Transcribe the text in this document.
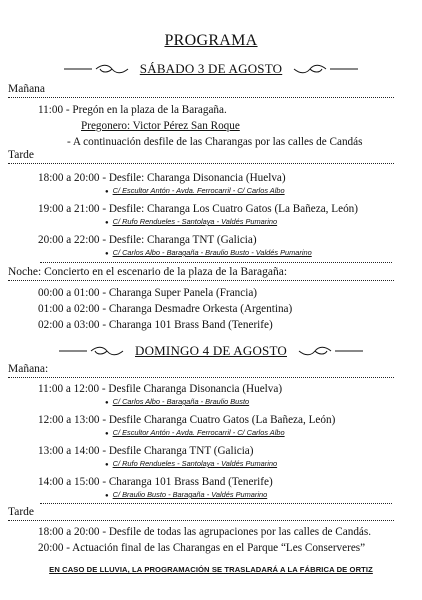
PROGRAMA
SÁBADO 3 DE AGOSTO
Mañana
11:00 - Pregón en la plaza de la Baragaña.
Pregonero: Victor Pérez San Roque
- A continuación desfile de las Charangas por las calles de Candás
Tarde
18:00 a 20:00 - Desfile: Charanga Disonancia (Huelva)
● C/ Escultor Antón - Avda. Ferrocarril - C/ Carlos Albo
19:00 a 21:00 - Desfile: Charanga Los Cuatro Gatos (La Bañeza, León)
● C/ Rufo Rendueles - Santolaya - Valdés Pumarino
20:00 a 22:00 - Desfile: Charanga TNT (Galicia)
● C/ Carlos Albo - Baragaña - Braulio Busto - Valdés Pumarino
Noche: Concierto en el escenario de la plaza de la Baragaña:
00:00 a 01:00 - Charanga Super Panela (Francia)
01:00 a 02:00 - Charanga Desmadre Orkesta (Argentina)
02:00 a 03:00 - Charanga 101 Brass Band (Tenerife)
DOMINGO 4 DE AGOSTO
Mañana:
11:00 a 12:00 - Desfile Charanga Disonancia (Huelva)
● C/ Carlos Albo - Baragaña - Braulio Busto
12:00 a 13:00 - Desfile Charanga Cuatro Gatos (La Bañeza, León)
● C/ Escultor Antón - Avda. Ferrocarril - C/ Carlos Albo
13:00 a 14:00 - Desfile Charanga TNT (Galicia)
● C/ Rufo Rendueles - Santolaya - Valdés Pumarino
14:00 a 15:00 - Charanga 101 Brass Band (Tenerife)
● C/ Braulio Busto - Baragaña - Valdés Pumarino
Tarde
18:00 a 20:00 - Desfile de todas las agrupaciones por las calles de Candás.
20:00 - Actuación final de las Charangas en el Parque “Les Conserveres”
EN CASO DE LLUVIA, LA PROGRAMACIÓN SE TRASLADARÁ A LA FÁBRICA DE ORTIZ
